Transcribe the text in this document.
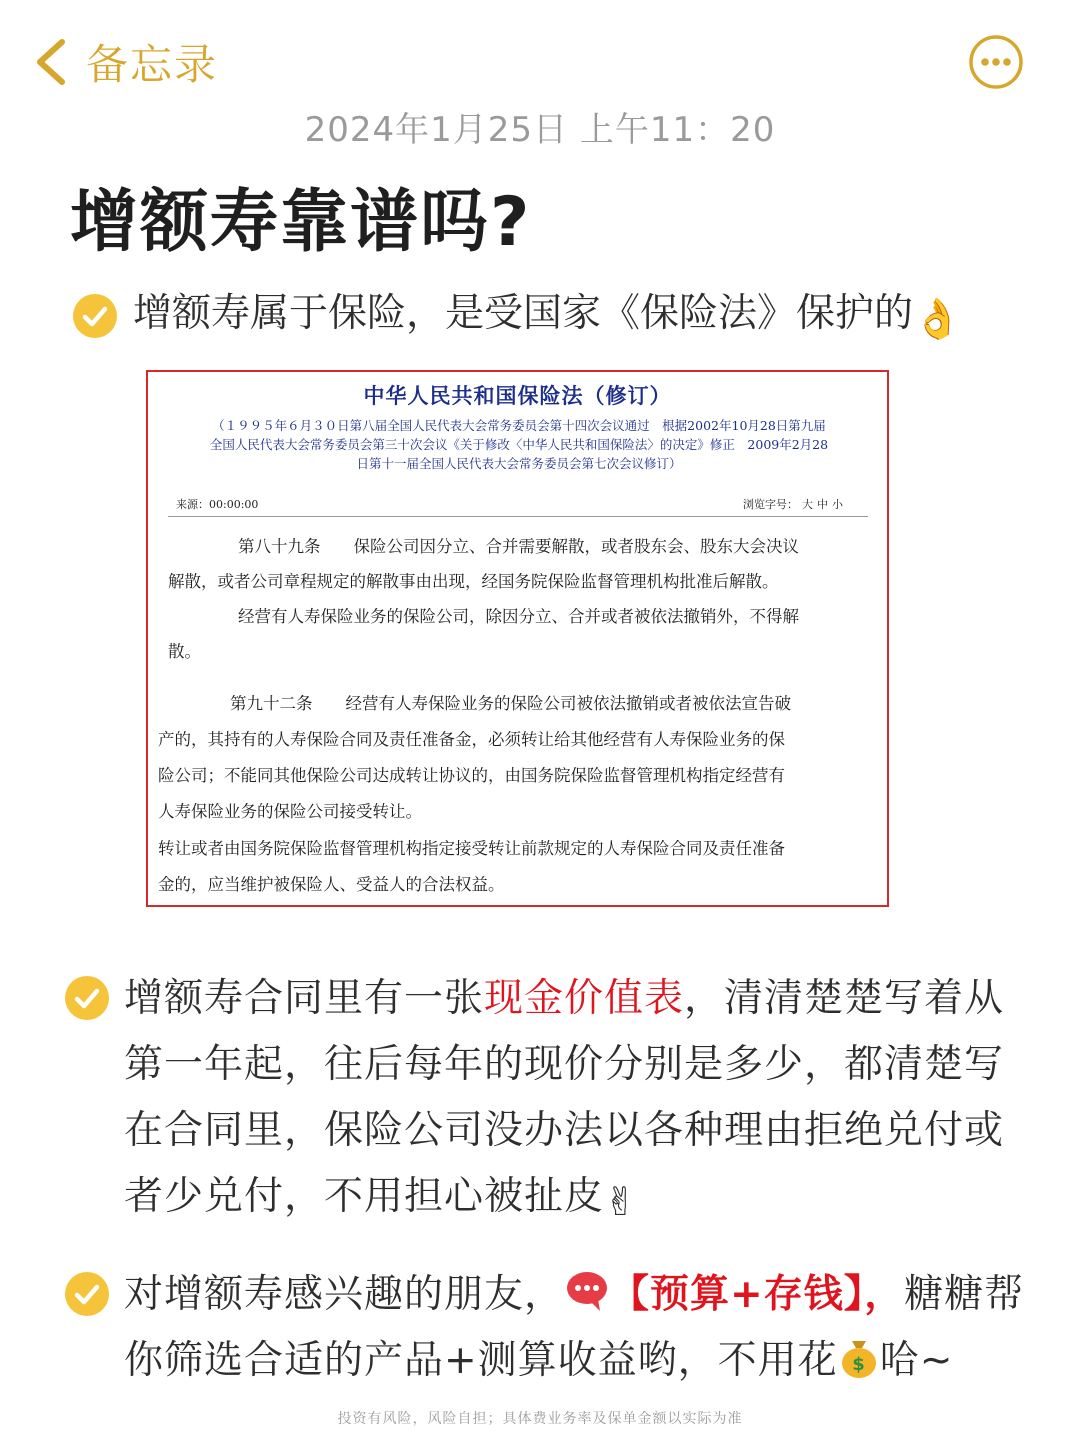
备忘录
2024年1月25日 上午11：20
增额寿靠谱吗?
增额寿属于保险，是受国家《保险法》保护的👌
中华人民共和国保险法（修订）
（１９９５年６月３０日第八届全国人民代表大会常务委员会第十四次会议通过　根据2002年10月28日第九届
全国人民代表大会常务委员会第三十次会议《关于修改〈中华人民共和国保险法〉的决定》修正　2009年2月28
日第十一届全国人民代表大会常务委员会第七次会议修订）
来源：00:00:00	浏览字号： 大 中 小
第八十九条　　保险公司因分立、合并需要解散，或者股东会、股东大会决议
解散，或者公司章程规定的解散事由出现，经国务院保险监督管理机构批准后解散。
经营有人寿保险业务的保险公司，除因分立、合并或者被依法撤销外，不得解
散。
第九十二条　　经营有人寿保险业务的保险公司被依法撤销或者被依法宣告破
产的，其持有的人寿保险合同及责任准备金，必须转让给其他经营有人寿保险业务的保
险公司；不能同其他保险公司达成转让协议的，由国务院保险监督管理机构指定经营有
人寿保险业务的保险公司接受转让。
转让或者由国务院保险监督管理机构指定接受转让前款规定的人寿保险合同及责任准备
金的，应当维护被保险人、受益人的合法权益。
增额寿合同里有一张现金价值表，清清楚楚写着从第一年起，往后每年的现价分别是多少，都清楚写在合同里，保险公司没办法以各种理由拒绝兑付或者少兑付，不用担心被扯皮✌
对增额寿感兴趣的朋友， 【预算+存钱】，糖糖帮你筛选合适的产品+测算收益哟，不用花 $ 哈~
投资有风险，风险自担；具体费业务率及保单金额以实际为准
